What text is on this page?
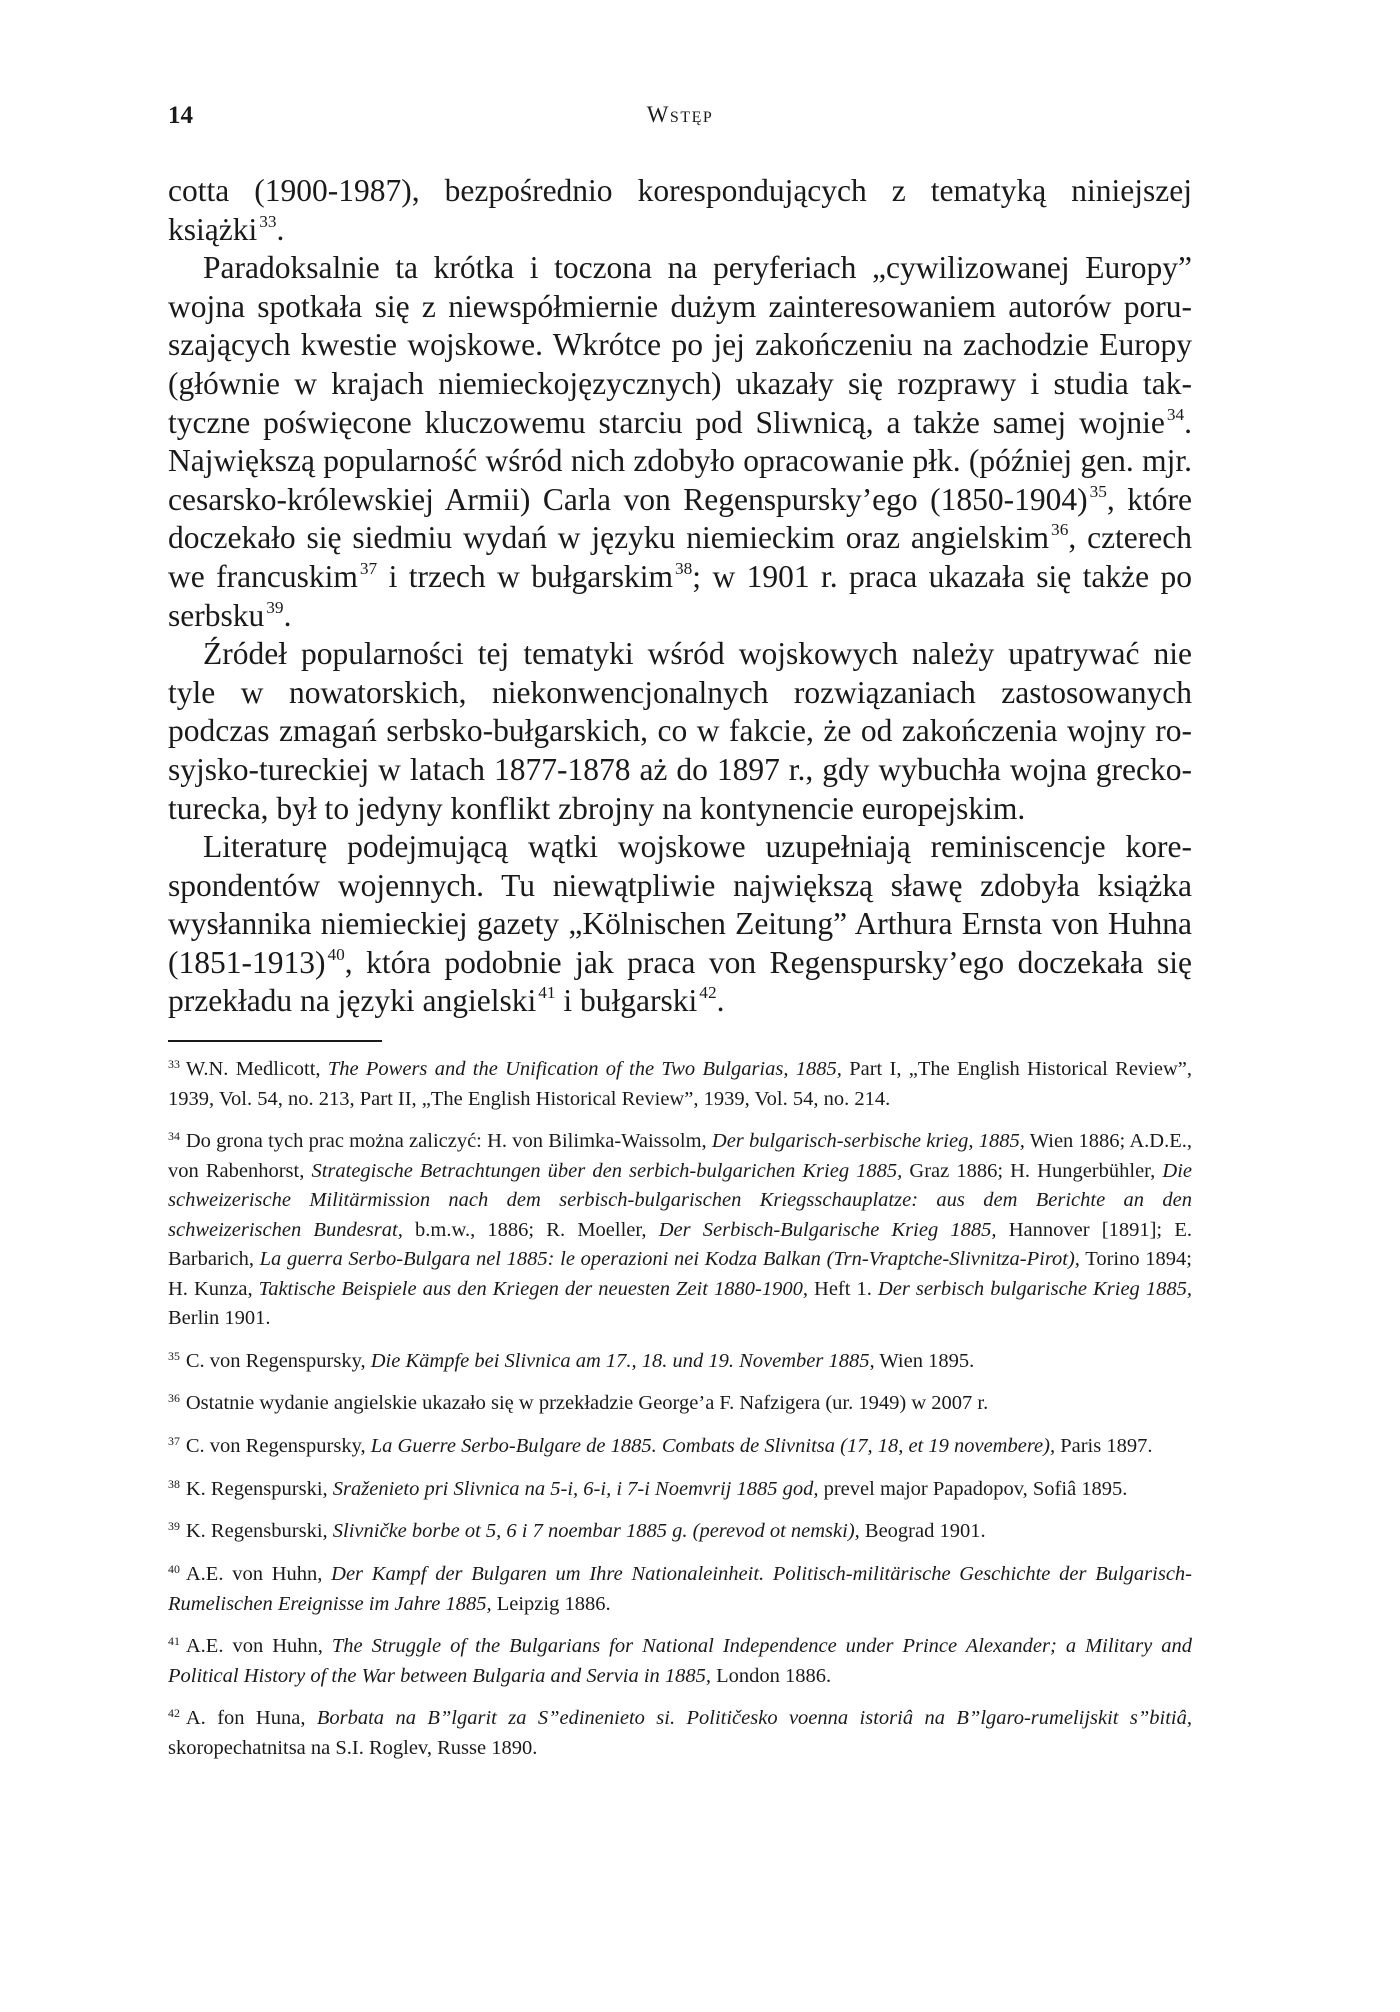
14	Wstęp

cotta (1900-1987), bezpośrednio korespondujących z tematyką niniejszej książki $^{33}$.

Paradoksalnie ta krótka i toczona na peryferiach „cywilizowanej Europy” wojna spotkała się z niewspółmiernie dużym zainteresowaniem autorów poruszających kwestie wojskowe. Wkrótce po jej zakończeniu na zachodzie Europy (głównie w krajach niemieckojęzycznych) ukazały się rozprawy i studia taktyczne poświęcone kluczowemu starciu pod Sliwnicą, a także samej wojnie $^{34}$. Największą popularność wśród nich zdobyło opracowanie płk. (później gen. mjr. cesarsko-królewskiej Armii) Carla von Regenspursky’ego (1850-1904) $^{35}$, które doczekało się siedmiu wydań w języku niemieckim oraz angielskim $^{36}$, czterech we francuskim $^{37}$ i trzech w bułgarskim $^{38}$; w 1901 r. praca ukazała się także po serbsku $^{39}$.

Źródeł popularności tej tematyki wśród wojskowych należy upatrywać nie tyle w nowatorskich, niekonwencjonalnych rozwiązaniach zastosowanych podczas zmagań serbsko-bułgarskich, co w fakcie, że od zakończenia wojny rosyjsko-tureckiej w latach 1877-1878 aż do 1897 r., gdy wybuchła wojna grecko-turecka, był to jedyny konflikt zbrojny na kontynencie europejskim.

Literaturę podejmującą wątki wojskowe uzupełniają reminiscencje korespondentów wojennych. Tu niewątpliwie największą sławę zdobyła książka wysłannika niemieckiej gazety „Kölnischen Zeitung” Arthura Ernsta von Huhna (1851-1913) $^{40}$, która podobnie jak praca von Regenspursky’ego doczekała się przekładu na języki angielski $^{41}$ i bułgarski $^{42}$.

$^{33}$ W.N. Medlicott, The Powers and the Unification of the Two Bulgarias, 1885, Part I, „The English Historical Review”, 1939, Vol. 54, no. 213, Part II, „The English Historical Review”, 1939, Vol. 54, no. 214.

$^{34}$ Do grona tych prac można zaliczyć: H. von Bilimka-Waissolm, Der bulgarisch-serbische krieg, 1885, Wien 1886; A.D.E., von Rabenhorst, Strategische Betrachtungen über den serbich-bulgarichen Krieg 1885, Graz 1886; H. Hungerbühler, Die schweizerische Militärmission nach dem serbisch-bulgarischen Kriegsschauplatze: aus dem Berichte an den schweizerischen Bundesrat, b.m.w., 1886; R. Moeller, Der Serbisch-Bulgarische Krieg 1885, Hannover [1891]; E. Barbarich, La guerra Serbo-Bulgara nel 1885: le operazioni nei Kodza Balkan (Trn-Vraptche-Slivnitza-Pirot), Torino 1894; H. Kunza, Taktische Beispiele aus den Kriegen der neuesten Zeit 1880-1900, Heft 1. Der serbisch bulgarische Krieg 1885, Berlin 1901.

$^{35}$ C. von Regenspursky, Die Kämpfe bei Slivnica am 17., 18. und 19. November 1885, Wien 1895.

$^{36}$ Ostatnie wydanie angielskie ukazało się w przekładzie George’a F. Nafzigera (ur. 1949) w 2007 r.

$^{37}$ C. von Regenspursky, La Guerre Serbo-Bulgare de 1885. Combats de Slivnitsa (17, 18, et 19 novembere), Paris 1897.

$^{38}$ K. Regenspurski, Sraženieto pri Slivnica na 5-i, 6-i, i 7-i Noemvrij 1885 god, prevel major Papadopov, Sofiâ 1895.

$^{39}$ K. Regensburski, Slivničke borbe ot 5, 6 i 7 noembar 1885 g. (perevod ot nemski), Beograd 1901.

$^{40}$ A.E. von Huhn, Der Kampf der Bulgaren um Ihre Nationaleinheit. Politisch-militärische Geschichte der Bulgarisch-Rumelischen Ereignisse im Jahre 1885, Leipzig 1886.

$^{41}$ A.E. von Huhn, The Struggle of the Bulgarians for National Independence under Prince Alexander; a Military and Political History of the War between Bulgaria and Servia in 1885, London 1886.

$^{42}$ A. fon Huna, Borbata na B”lgarit za S”edinenieto si. Političesko voenna istoriâ na B”lgaro-rumelijskit s”bitiâ, skoropechatnitsa na S.I. Roglev, Russe 1890.
